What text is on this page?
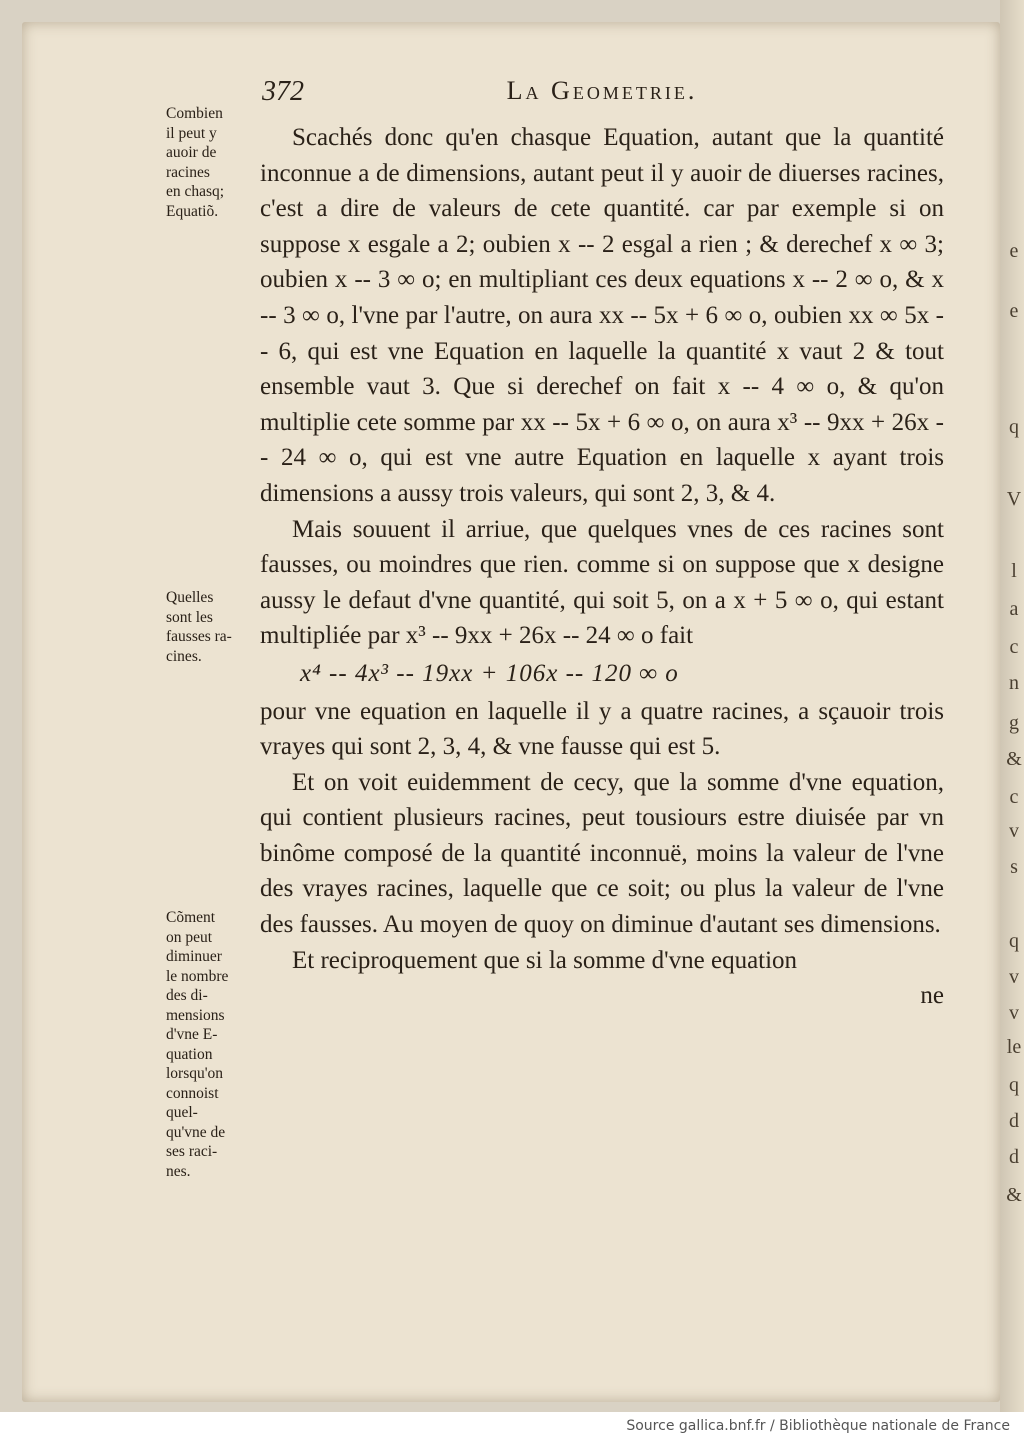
e
e
q
V
l
a
c
n
g
&
c
v
s
q
v
v
le
q
d
d
&
372	La Geometrie.
Combien
il peut y
auoir de
racines
en chasq;
Equatiõ.
Quelles
sont les
fausses ra-
cines.
Cõment
on peut
diminuer
le nombre
des di-
mensions
d'vne E-
quation
lorsqu'on
connoist
quel-
qu'vne de
ses raci-
nes.

Scachés donc qu'en chasque Equation, autant que la quantité inconnue a de dimensions, autant peut il y auoir de diuerses racines, c'est a dire de valeurs de cete quantité. car par exemple si on suppose x esgale a 2; oubien x -- 2 esgal a rien ; & derechef x ∞ 3; oubien x -- 3 ∞ o; en multipliant ces deux equations x -- 2 ∞ o, & x -- 3 ∞ o, l'vne par l'autre, on aura xx -- 5x + 6 ∞ o, oubien xx ∞ 5x -- 6, qui est vne Equation en laquelle la quantité x vaut 2 & tout ensemble vaut 3. Que si derechef on fait x -- 4 ∞ o, & qu'on multiplie cete somme par xx -- 5x + 6 ∞ o, on aura x³ -- 9xx + 26x -- 24 ∞ o, qui est vne autre Equation en laquelle x ayant trois dimensions a aussy trois valeurs, qui sont 2, 3, & 4.

Mais souuent il arriue, que quelques vnes de ces racines sont fausses, ou moindres que rien. comme si on suppose que x designe aussy le defaut d'vne quantité, qui soit 5, on a x + 5 ∞ o, qui estant multipliée par x³ -- 9xx + 26x -- 24 ∞ o fait

x⁴ -- 4x³ -- 19xx + 106x -- 120 ∞ o

pour vne equation en laquelle il y a quatre racines, a sçauoir trois vrayes qui sont 2, 3, 4, & vne fausse qui est 5.

Et on voit euidemment de cecy, que la somme d'vne equation, qui contient plusieurs racines, peut tousiours estre diuisée par vn binôme composé de la quantité inconnuë, moins la valeur de l'vne des vrayes racines, laquelle que ce soit; ou plus la valeur de l'vne des fausses. Au moyen de quoy on diminue d'autant ses dimensions.

Et reciproquement que si la somme d'vne equation

ne
Source gallica.bnf.fr / Bibliothèque nationale de France
